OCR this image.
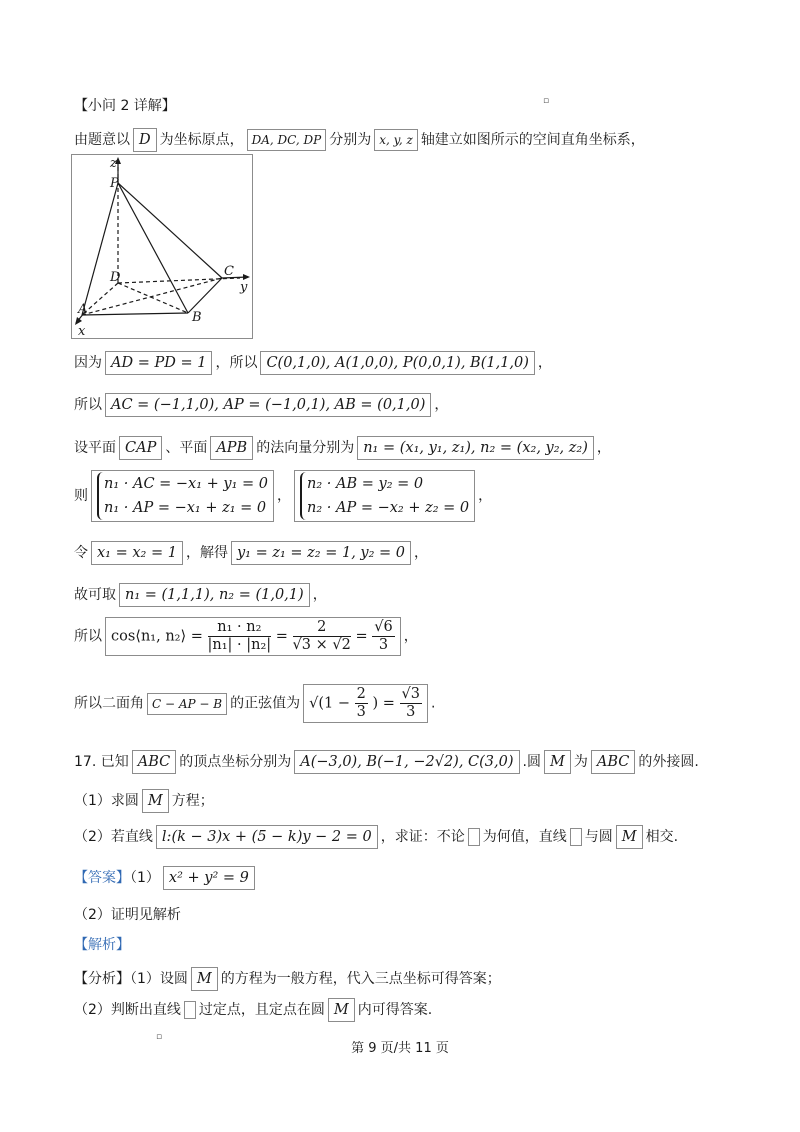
▫
【小问 2 详解】
由题意以 D 为坐标原点， DA, DC, DP 分别为 x, y, z 轴建立如图所示的空间直角坐标系，
z
P
D	C
y
A
B
x
因为 AD = PD = 1 ，所以 C(0,1,0), A(1,0,0), P(0,0,1), B(1,1,0) ，
所以 AC = (−1,1,0), AP = (−1,0,1), AB = (0,1,0) ，
设平面 CAP 、平面 APB 的法向量分别为 n₁ = (x₁, y₁, z₁), n₂ = (x₂, y₂, z₂) ，
则
n₁ · AC = −x₁ + y₁ = 0
n₁ · AP = −x₁ + z₁ = 0
，
n₂ · AB = y₂ = 0
n₂ · AP = −x₂ + z₂ = 0
，
令 x₁ = x₂ = 1 ，解得 y₁ = z₁ = z₂ = 1, y₂ = 0 ，
故可取 n₁ = (1,1,1), n₂ = (1,0,1) ，
所以 cos⟨n₁, n₂⟩ = $\frac{\text{n₁ · n₂}}{\text{|n₁| · |n₂|}} = \frac{2}{√3 \times √2} = \frac{√6}{3}$ ，
所以二面角 C − AP − B 的正弦值为 $√(1 - \frac{2}{3}$ ) = $\frac{√3}{3}$ .
17. 已知 ABC 的顶点坐标分别为 A(−3,0), B(−1, −2√2), C(3,0) .圆 M 为 ABC 的外接圆.
（1）求圆 M 方程；
（2）若直线 l:(k − 3)x + (5 − k)y − 2 = 0 ，求证：不论 为何值，直线 与圆 M 相交.
【答案】（1） x² + y² = 9
（2）证明见解析
【解析】
【分析】（1）设圆 M 的方程为一般方程，代入三点坐标可得答案；
（2）判断出直线 过定点，且定点在圆 M 内可得答案.
▫
第 9 页/共 11 页
